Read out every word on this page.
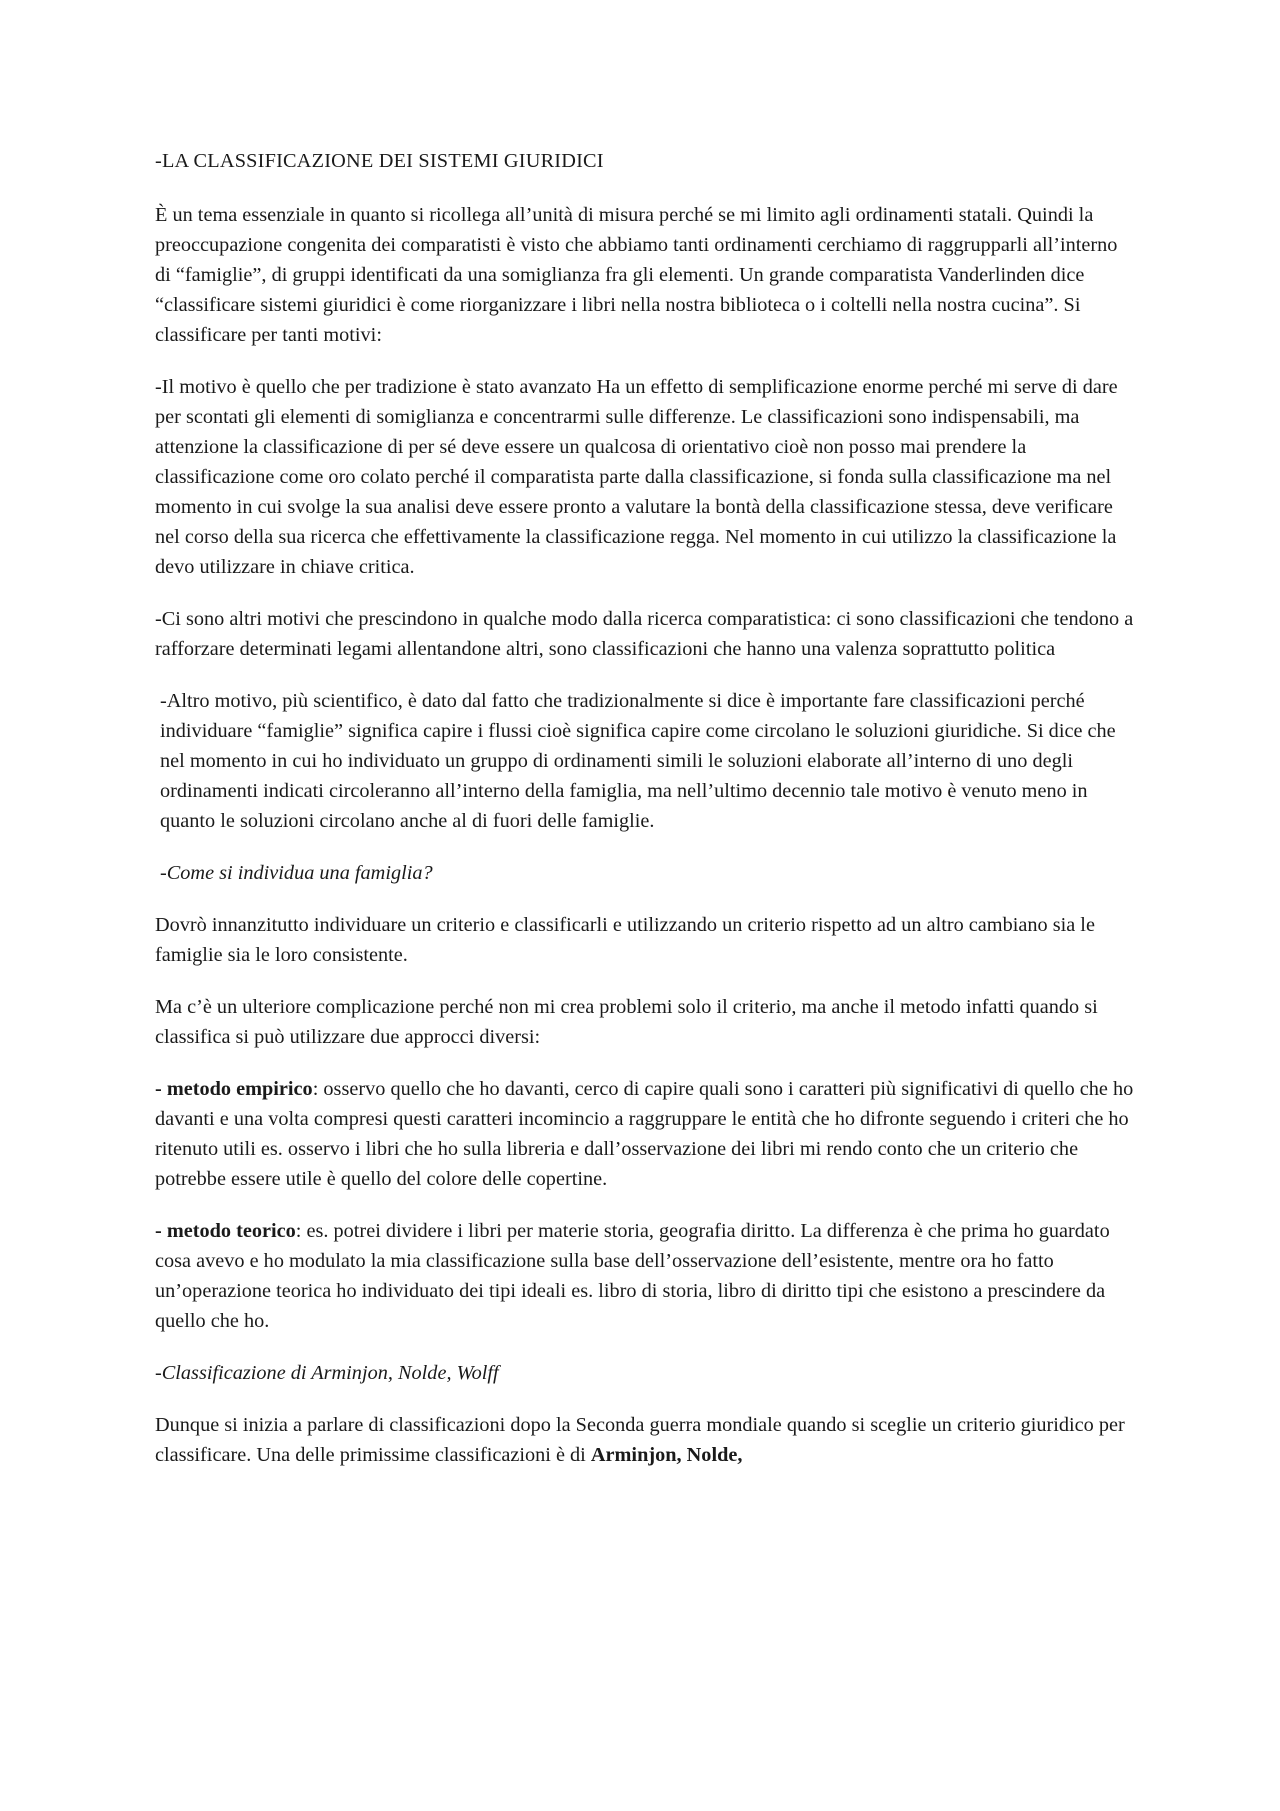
-LA CLASSIFICAZIONE DEI SISTEMI GIURIDICI

È un tema essenziale in quanto si ricollega all’unità di misura perché se mi limito agli ordinamenti statali. Quindi la preoccupazione congenita dei comparatisti è visto che abbiamo tanti ordinamenti cerchiamo di raggrupparli all’interno di “famiglie”, di gruppi identificati da una somiglianza fra gli elementi. Un grande comparatista Vanderlinden dice “classificare sistemi giuridici è come riorganizzare i libri nella nostra biblioteca o i coltelli nella nostra cucina”. Si classificare per tanti motivi:

-Il motivo è quello che per tradizione è stato avanzato Ha un effetto di semplificazione enorme perché mi serve di dare per scontati gli elementi di somiglianza e concentrarmi sulle differenze. Le classificazioni sono indispensabili, ma attenzione la classificazione di per sé deve essere un qualcosa di orientativo cioè non posso mai prendere la classificazione come oro colato perché il comparatista parte dalla classificazione, si fonda sulla classificazione ma nel momento in cui svolge la sua analisi deve essere pronto a valutare la bontà della classificazione stessa, deve verificare nel corso della sua ricerca che effettivamente la classificazione regga. Nel momento in cui utilizzo la classificazione la devo utilizzare in chiave critica.

-Ci sono altri motivi che prescindono in qualche modo dalla ricerca comparatistica: ci sono classificazioni che tendono a rafforzare determinati legami allentandone altri, sono classificazioni che hanno una valenza soprattutto politica

-Altro motivo, più scientifico, è dato dal fatto che tradizionalmente si dice è importante fare classificazioni perché individuare “famiglie” significa capire i flussi cioè significa capire come circolano le soluzioni giuridiche. Si dice che nel momento in cui ho individuato un gruppo di ordinamenti simili le soluzioni elaborate all’interno di uno degli ordinamenti indicati circoleranno all’interno della famiglia, ma nell’ultimo decennio tale motivo è venuto meno in quanto le soluzioni circolano anche al di fuori delle famiglie.

-Come si individua una famiglia?

Dovrò innanzitutto individuare un criterio e classificarli e utilizzando un criterio rispetto ad un altro cambiano sia le famiglie sia le loro consistente.

Ma c’è un ulteriore complicazione perché non mi crea problemi solo il criterio, ma anche il metodo infatti quando si classifica si può utilizzare due approcci diversi:

- metodo empirico: osservo quello che ho davanti, cerco di capire quali sono i caratteri più significativi di quello che ho davanti e una volta compresi questi caratteri incomincio a raggruppare le entità che ho difronte seguendo i criteri che ho ritenuto utili es. osservo i libri che ho sulla libreria e dall’osservazione dei libri mi rendo conto che un criterio che potrebbe essere utile è quello del colore delle copertine.

- metodo teorico: es. potrei dividere i libri per materie storia, geografia diritto. La differenza è che prima ho guardato cosa avevo e ho modulato la mia classificazione sulla base dell’osservazione dell’esistente, mentre ora ho fatto un’operazione teorica ho individuato dei tipi ideali es. libro di storia, libro di diritto tipi che esistono a prescindere da quello che ho.

-Classificazione di Arminjon, Nolde, Wolff

Dunque si inizia a parlare di classificazioni dopo la Seconda guerra mondiale quando si sceglie un criterio giuridico per classificare. Una delle primissime classificazioni è di Arminjon, Nolde,
